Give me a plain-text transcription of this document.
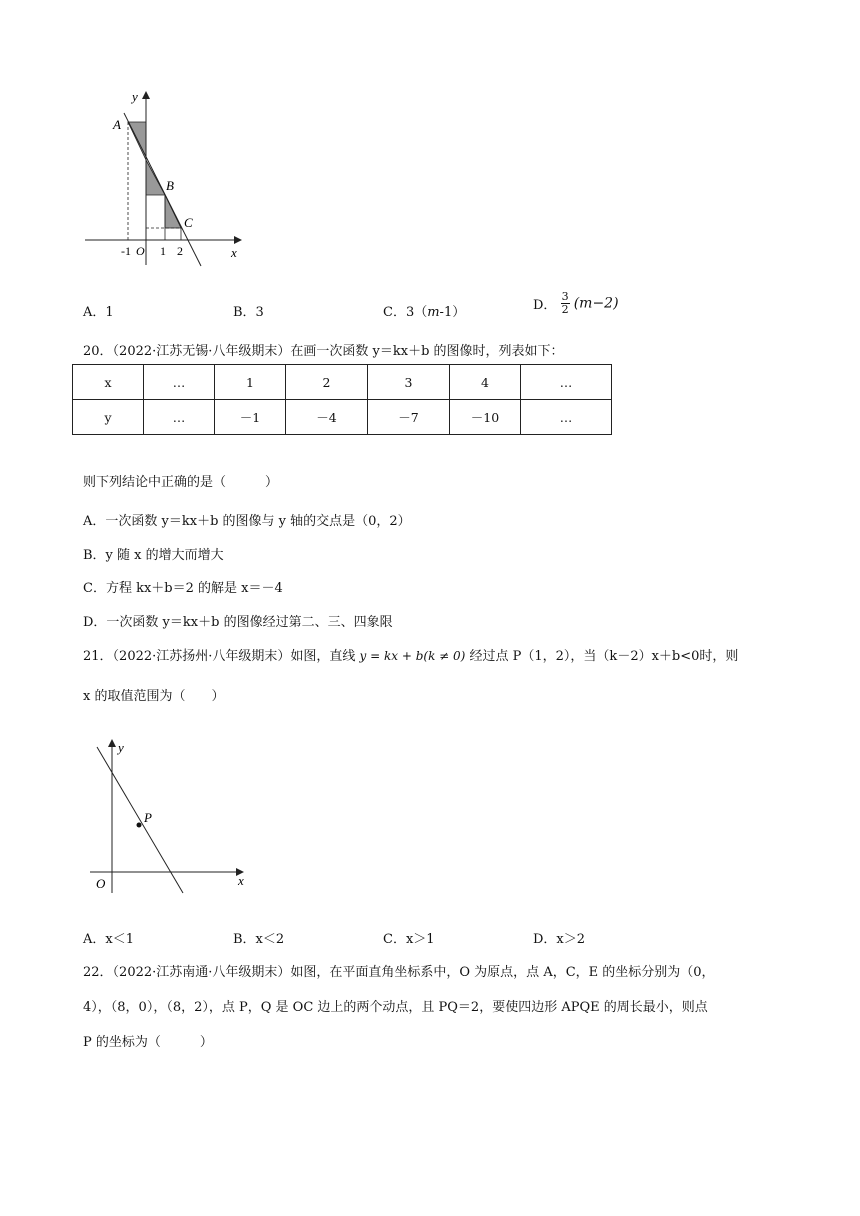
y
x
A
B
C
-1 O 1 2
A．1	B．3	C．3（m-1）	D． $\frac{3}{2} (m-2)$
20．（2022·江苏无锡·八年级期末）在画一次函数 y＝kx＋b 的图像时，列表如下：
x	…	1	2	3	4	…
y	…	－1	－4	－7	－10	…
则下列结论中正确的是（　　　）
A．一次函数 y＝kx＋b 的图像与 y 轴的交点是（0，2）
B．y 随 x 的增大而增大
C．方程 kx＋b＝2 的解是 x＝－4
D．一次函数 y＝kx＋b 的图像经过第二、三、四象限
21．（2022·江苏扬州·八年级期末）如图，直线 y = kx + b(k ≠ 0) 经过点 P（1，2），当（k－2）x＋b<0时，则
x 的取值范围为（　　）
y
x
O
P
A．x＜1	B．x＜2	C．x＞1	D．x＞2
22．（2022·江苏南通·八年级期末）如图，在平面直角坐标系中，O 为原点，点 A，C，E 的坐标分别为（0，
4），（8，0），（8，2），点 P，Q 是 OC 边上的两个动点，且 PQ＝2，要使四边形 APQE 的周长最小，则点
P 的坐标为（　　　）
